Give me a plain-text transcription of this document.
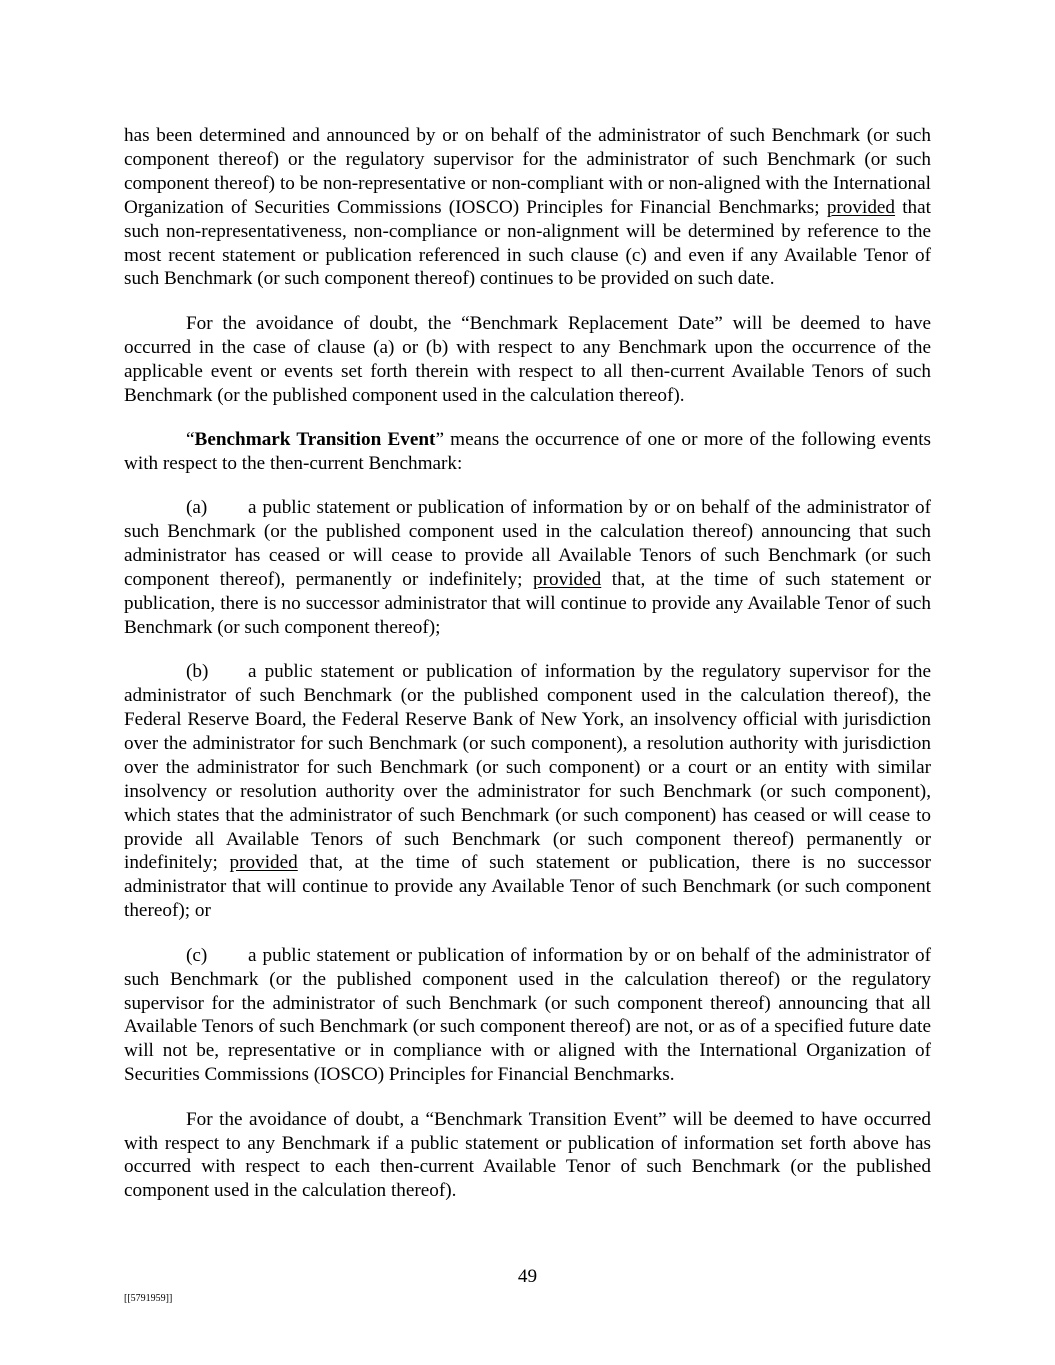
has been determined and announced by or on behalf of the administrator of such Benchmark (or such component thereof) or the regulatory supervisor for the administrator of such Benchmark (or such component thereof) to be non-representative or non-compliant with or non-aligned with the International Organization of Securities Commissions (IOSCO) Principles for Financial Benchmarks; provided that such non-representativeness, non-compliance or non-alignment will be determined by reference to the most recent statement or publication referenced in such clause (c) and even if any Available Tenor of such Benchmark (or such component thereof) continues to be provided on such date.

For the avoidance of doubt, the “Benchmark Replacement Date” will be deemed to have occurred in the case of clause (a) or (b) with respect to any Benchmark upon the occurrence of the applicable event or events set forth therein with respect to all then-current Available Tenors of such Benchmark (or the published component used in the calculation thereof).

“Benchmark Transition Event” means the occurrence of one or more of the following events with respect to the then-current Benchmark:

(a) a public statement or publication of information by or on behalf of the administrator of such Benchmark (or the published component used in the calculation thereof) announcing that such administrator has ceased or will cease to provide all Available Tenors of such Benchmark (or such component thereof), permanently or indefinitely; provided that, at the time of such statement or publication, there is no successor administrator that will continue to provide any Available Tenor of such Benchmark (or such component thereof);

(b) a public statement or publication of information by the regulatory supervisor for the administrator of such Benchmark (or the published component used in the calculation thereof), the Federal Reserve Board, the Federal Reserve Bank of New York, an insolvency official with jurisdiction over the administrator for such Benchmark (or such component), a resolution authority with jurisdiction over the administrator for such Benchmark (or such component) or a court or an entity with similar insolvency or resolution authority over the administrator for such Benchmark (or such component), which states that the administrator of such Benchmark (or such component) has ceased or will cease to provide all Available Tenors of such Benchmark (or such component thereof) permanently or indefinitely; provided that, at the time of such statement or publication, there is no successor administrator that will continue to provide any Available Tenor of such Benchmark (or such component thereof); or

(c) a public statement or publication of information by or on behalf of the administrator of such Benchmark (or the published component used in the calculation thereof) or the regulatory supervisor for the administrator of such Benchmark (or such component thereof) announcing that all Available Tenors of such Benchmark (or such component thereof) are not, or as of a specified future date will not be, representative or in compliance with or aligned with the International Organization of Securities Commissions (IOSCO) Principles for Financial Benchmarks.

For the avoidance of doubt, a “Benchmark Transition Event” will be deemed to have occurred with respect to any Benchmark if a public statement or publication of information set forth above has occurred with respect to each then-current Available Tenor of such Benchmark (or the published component used in the calculation thereof).

49
[[5791959]]
